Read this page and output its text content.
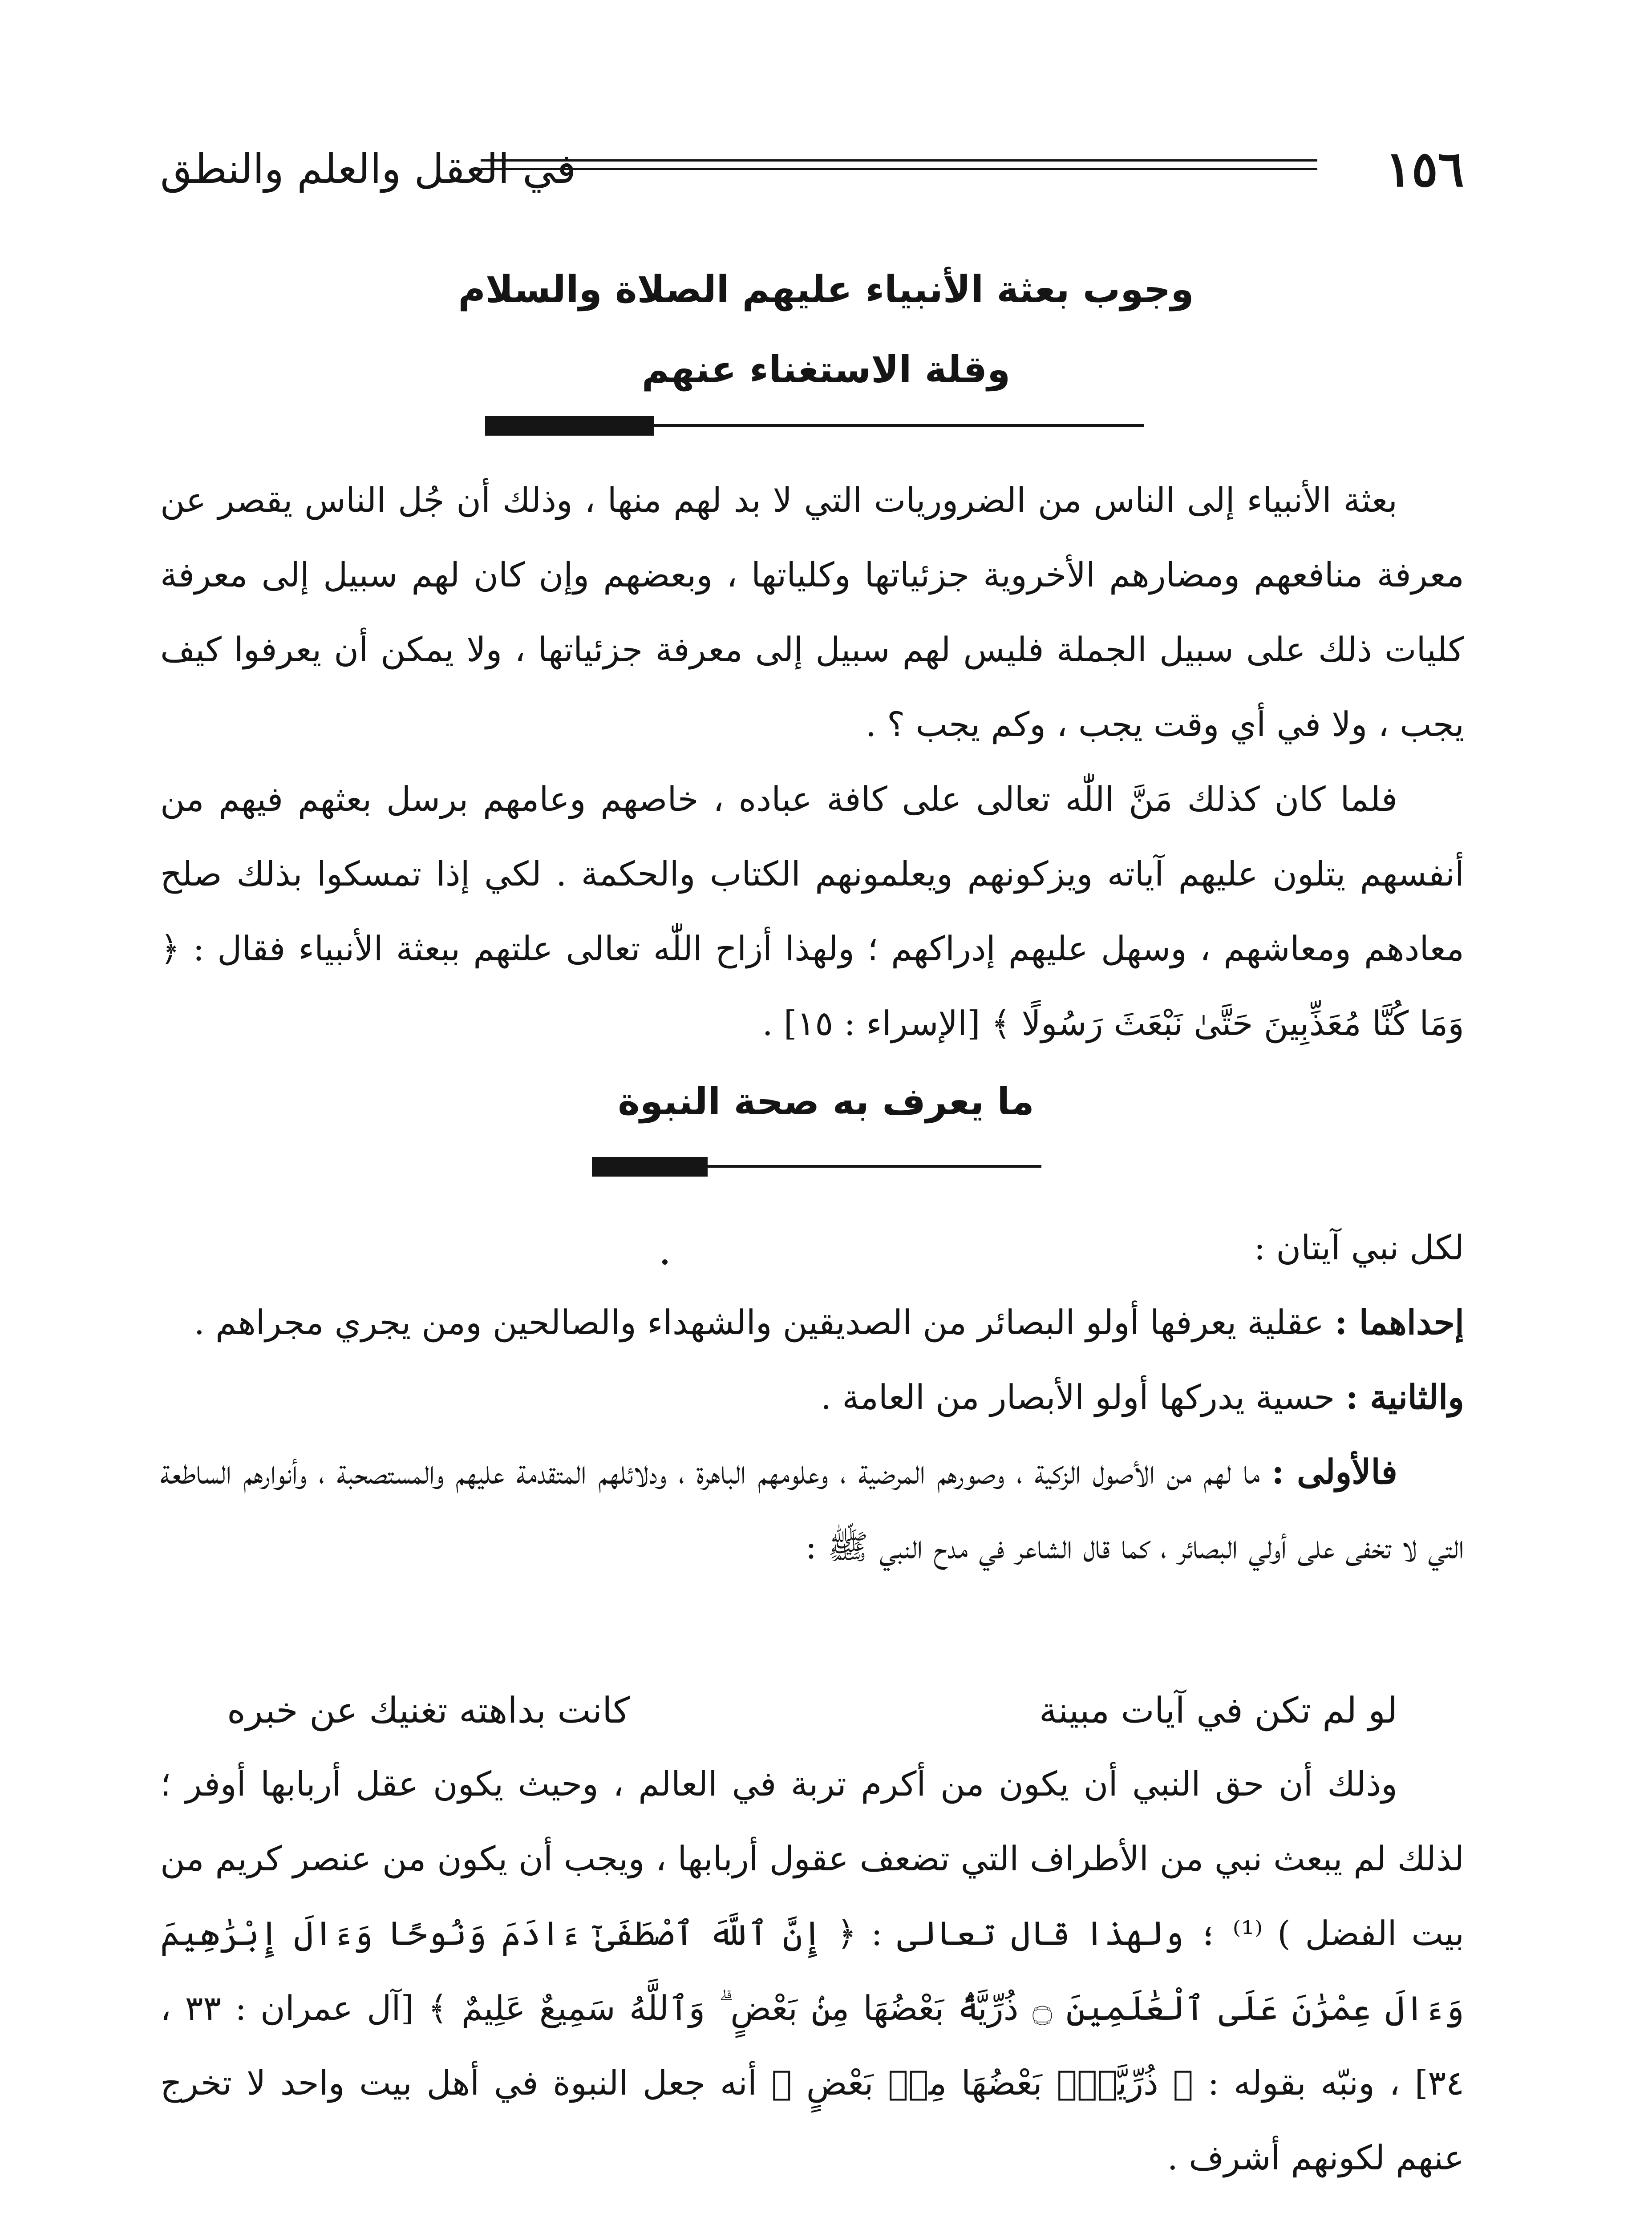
١٥٦
في العقل والعلم والنطق
وجوب بعثة الأنبياء عليهم الصلاة والسلام
وقلة الاستغناء عنهم

بعثة الأنبياء إلى الناس من الضروريات التي لا بد لهم منها ، وذلك أن جُل الناس يقصر عن معرفة منافعهم ومضارهم الأخروية جزئياتها وكلياتها ، وبعضهم وإن كان لهم سبيل إلى معرفة كليات ذلك على سبيل الجملة فليس لهم سبيل إلى معرفة جزئياتها ، ولا يمكن أن يعرفوا كيف يجب ، ولا في أي وقت يجب ، وكم يجب ؟ .

فلما كان كذلك مَنَّ اللّٰه تعالى على كافة عباده ، خاصهم وعامهم برسل بعثهم فيهم من أنفسهم يتلون عليهم آياته ويزكونهم ويعلمونهم الكتاب والحكمة . لكي إذا تمسكوا بذلك صلح معادهم ومعاشهم ، وسهل عليهم إدراكهم ؛ ولهذا أزاح اللّٰه تعالى علتهم ببعثة الأنبياء فقال : ﴿ وَمَا كُنَّا مُعَذِّبِينَ حَتَّىٰ نَبْعَثَ رَسُولًا ﴾ [الإسراء : ١٥] .

ما يعرف به صحة النبوة

لكل نبي آيتان :

إحداهما : عقلية يعرفها أولو البصائر من الصديقين والشهداء والصالحين ومن يجري مجراهم .

والثانية : حسية يدركها أولو الأبصار من العامة .

فالأولى : ما لهم من الأصول الزكية ، وصورهم المرضية ، وعلومهم الباهرة ، ودلائلهم المتقدمة عليهم والمستصحبة ، وأنوارهم الساطعة التي لا تخفى على أولي البصائر ، كما قال الشاعر في مدح النبي ﷺ :

لو لم تكن في آيات مبينة
كانت بداهته تغنيك عن خبره

وذلك أن حق النبي أن يكون من أكرم تربة في العالم ، وحيث يكون عقل أربابها أوفر ؛ لذلك لم يبعث نبي من الأطراف التي تضعف عقول أربابها ، ويجب أن يكون من عنصر كريم من بيت الفضل ) ⁽¹⁾ ؛ ولهذا قال تعالى : ﴿ إِنَّ ٱللَّهَ ٱصْطَفَىٰٓ ءَادَمَ وَنُوحًا وَءَالَ إِبْرَٰهِيمَ وَءَالَ عِمْرَٰنَ عَلَى ٱلْعَٰلَمِينَ ۝ ذُرِّيَّةًۢ بَعْضُهَا مِنۢ بَعْضٍ ۗ وَٱللَّهُ سَمِيعٌ عَلِيمٌ ﴾ [آل عمران : ٣٣ ، ٣٤] ، ونبّه بقوله : ﴿ ذُرِّيَّةًۢ بَعْضُهَا مِنۢ بَعْضٍ ﴾ أنه جعل النبوة في أهل بيت واحد لا تخرج عنهم لكونهم أشرف .
